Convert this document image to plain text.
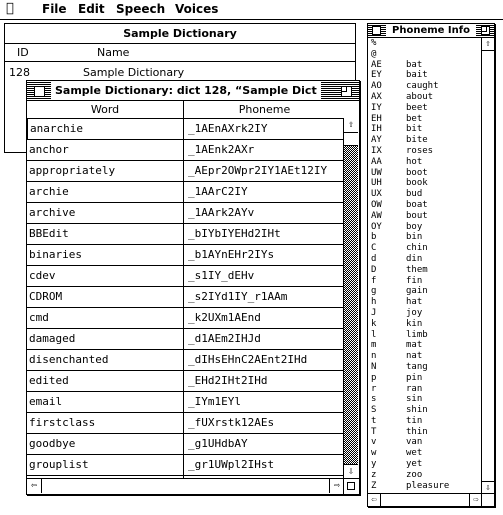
File Edit Speech Voices
Sample Dictionary
ID	Name
128	Sample Dictionary
Sample Dictionary: dict 128, “Sample Dict
Word	Phoneme
anarchie	_1AEnAXrk2IY
anchor	_1AEnk2AXr
appropriately	_AEpr2OWpr2IY1AEt12IY
archie	_1AArC2IY
archive	_1AArk2AYv
BBEdit	_bIYbIYEHd2IHt
binaries	_b1AYnEHr2IYs
cdev	_s1IY_dEHv
CDROM	_s2IYd1IY_r1AAm
cmd	_k2UXm1AEnd
damaged	_d1AEm2IHJd
disenchanted	_dIHsEHnC2AEnt2IHd
edited	_EHd2IHt2IHd
email	_IYm1EYl
firstclass	_fUXrstk12AEs
goodbye	_g1UHdbAY
grouplist	_gr1UWpl2IHst
⇧
⇩
⇦	⇨
Phoneme Info
%
@
AE	bat
EY	bait
AO	caught
AX	about
IY	beet
EH	bet
IH	bit
AY	bite
IX	roses
AA	hot
UW	boot
UH	book
UX	bud
OW	boat
AW	bout
OY	boy
b	bin
C	chin
d	din
D	them
f	fin
g	gain
h	hat
J	joy
k	kin
l	limb
m	mat
n	nat
N	tang
p	pin
r	ran
s	sin
S	shin
t	tin
T	thin
v	van
w	wet
y	yet
z	zoo
Z	pleasure
⇧
⇩
⇦	⇨
